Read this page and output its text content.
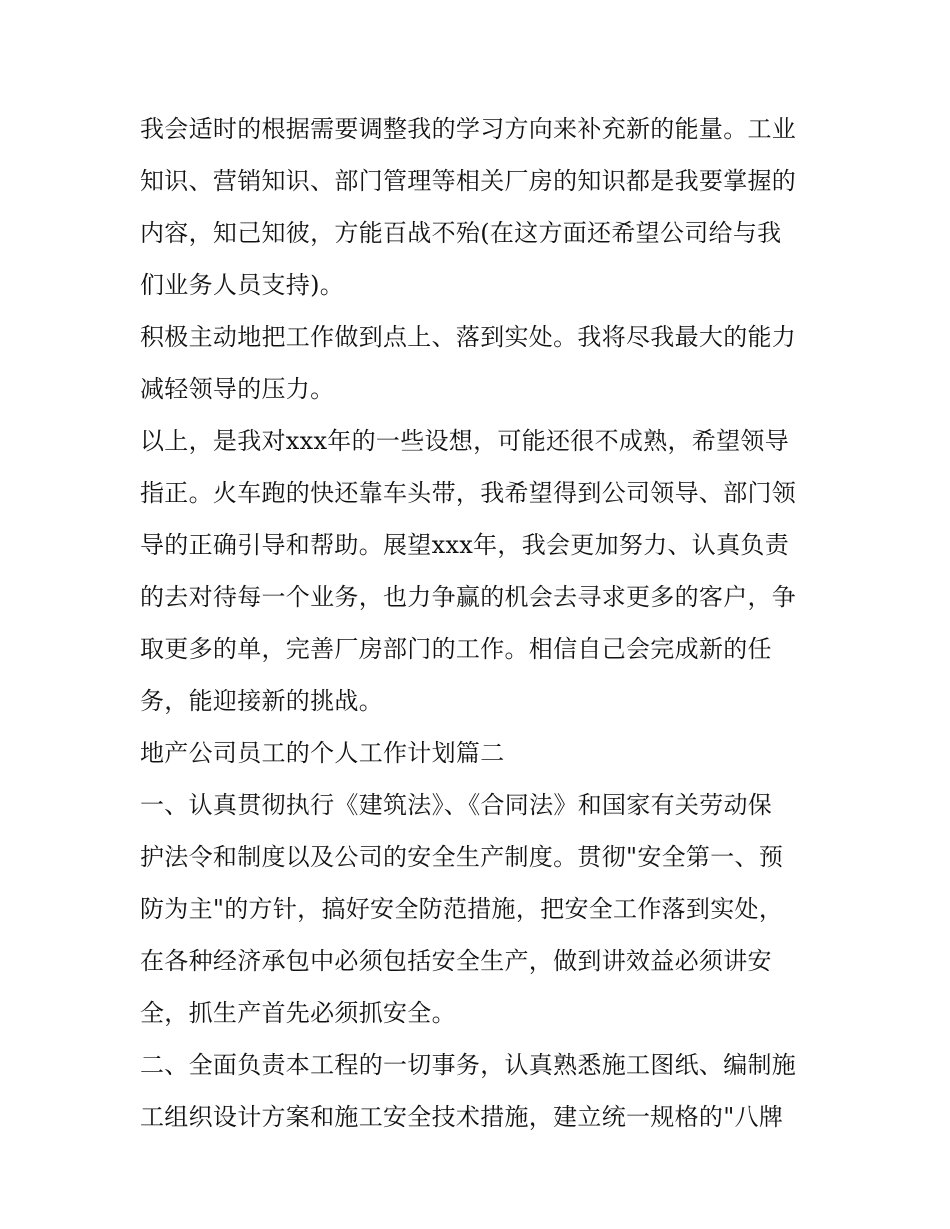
我会适时的根据需要调整我的学习方向来补充新的能量。工业
知识、营销知识、部门管理等相关厂房的知识都是我要掌握的
内容，知己知彼，方能百战不殆(在这方面还希望公司给与我
们业务人员支持)。
积极主动地把工作做到点上、落到实处。我将尽我最大的能力
减轻领导的压力。
以上，是我对xxx年的一些设想，可能还很不成熟，希望领导
指正。火车跑的快还靠车头带，我希望得到公司领导、部门领
导的正确引导和帮助。展望xxx年，我会更加努力、认真负责
的去对待每一个业务，也力争赢的机会去寻求更多的客户，争
取更多的单，完善厂房部门的工作。相信自己会完成新的任
务，能迎接新的挑战。
地产公司员工的个人工作计划篇二
一、认真贯彻执行《建筑法》、《合同法》和国家有关劳动保
护法令和制度以及公司的安全生产制度。贯彻"安全第一、预
防为主"的方针，搞好安全防范措施，把安全工作落到实处，
在各种经济承包中必须包括安全生产，做到讲效益必须讲安
全，抓生产首先必须抓安全。
二、全面负责本工程的一切事务，认真熟悉施工图纸、编制施
工组织设计方案和施工安全技术措施，建立统一规格的"八牌
